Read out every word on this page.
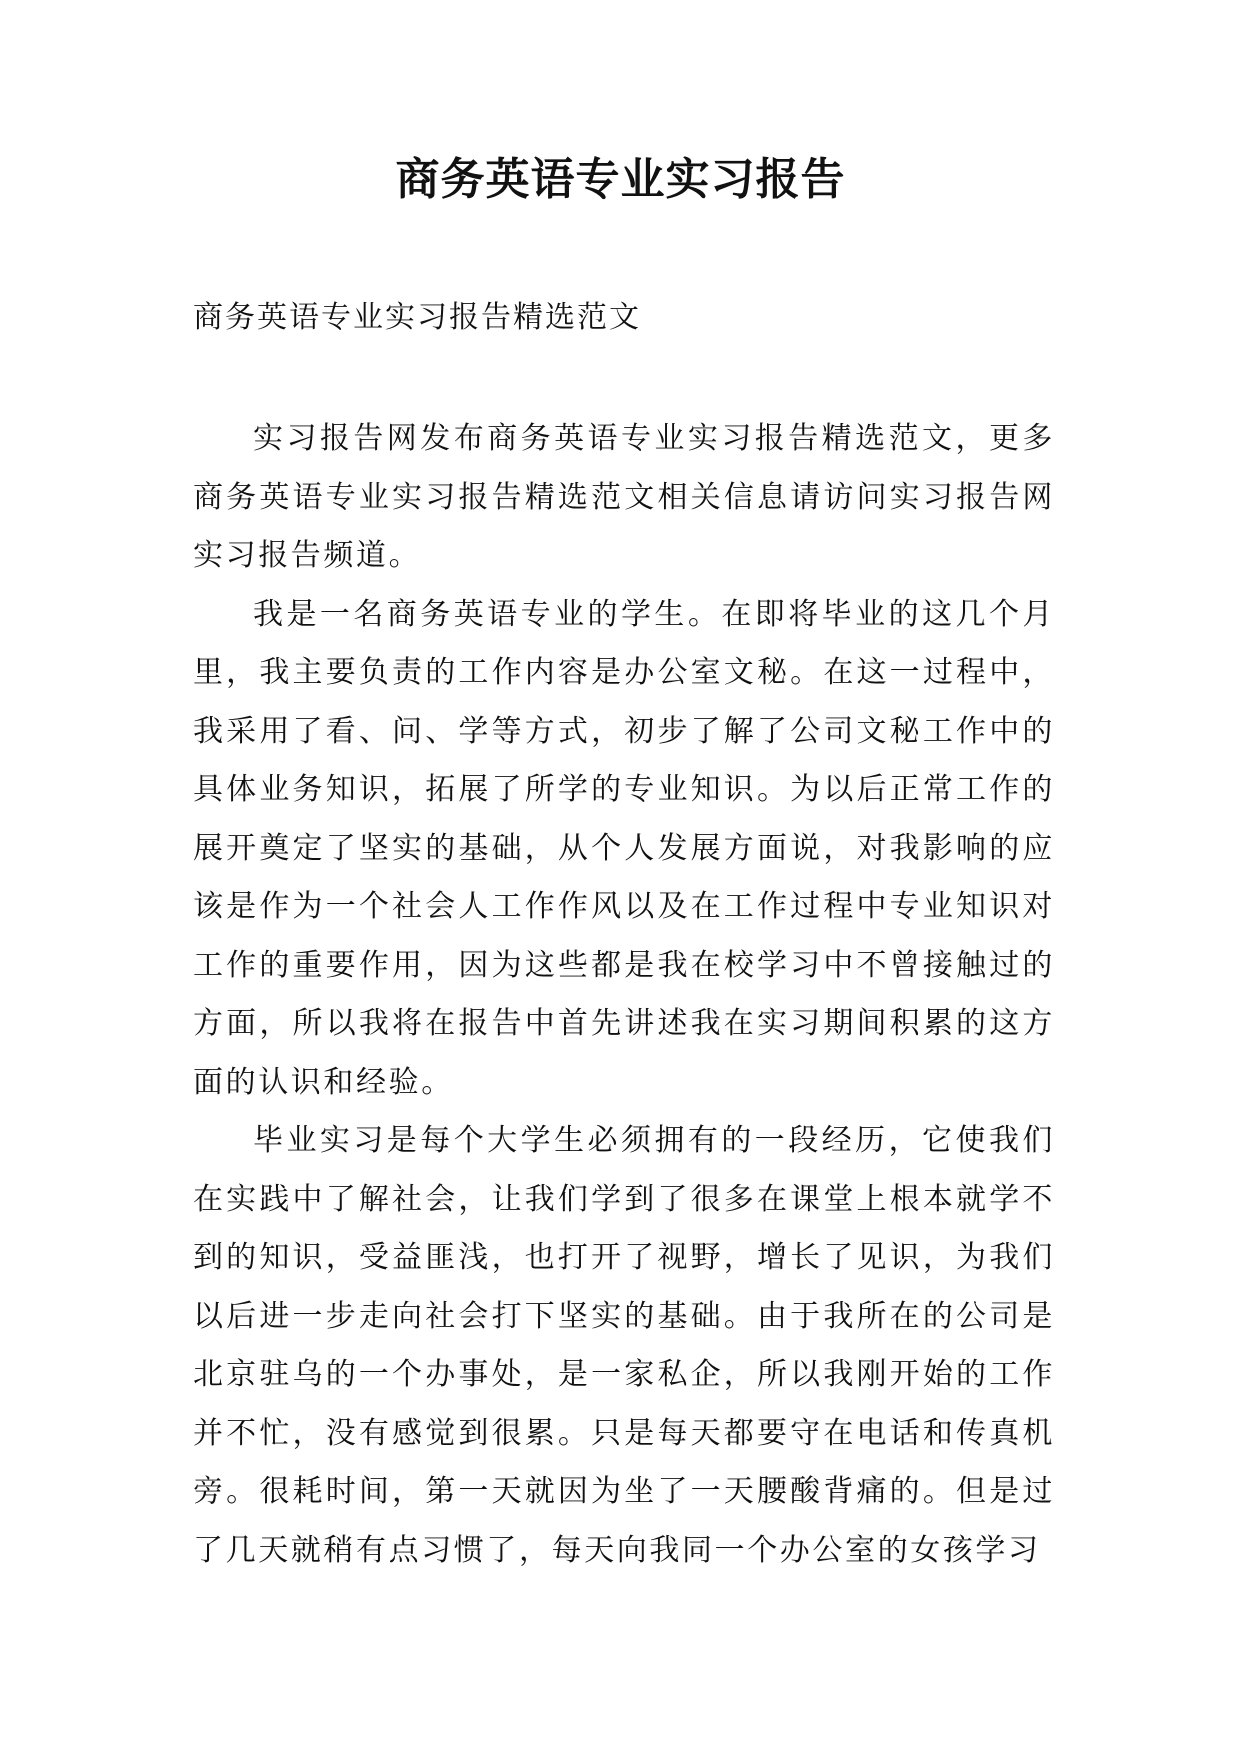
商务英语专业实习报告

商务英语专业实习报告精选范文

实习报告网发布商务英语专业实习报告精选范文，更多商务英语专业实习报告精选范文相关信息请访问实习报告网实习报告频道。

我是一名商务英语专业的学生。在即将毕业的这几个月里，我主要负责的工作内容是办公室文秘。在这一过程中，我采用了看、问、学等方式，初步了解了公司文秘工作中的具体业务知识，拓展了所学的专业知识。为以后正常工作的展开奠定了坚实的基础，从个人发展方面说，对我影响的应该是作为一个社会人工作作风以及在工作过程中专业知识对工作的重要作用，因为这些都是我在校学习中不曾接触过的方面，所以我将在报告中首先讲述我在实习期间积累的这方面的认识和经验。

毕业实习是每个大学生必须拥有的一段经历，它使我们在实践中了解社会，让我们学到了很多在课堂上根本就学不到的知识，受益匪浅，也打开了视野，增长了见识，为我们以后进一步走向社会打下坚实的基础。由于我所在的公司是北京驻乌的一个办事处，是一家私企，所以我刚开始的工作并不忙，没有感觉到很累。只是每天都要守在电话和传真机旁。很耗时间，第一天就因为坐了一天腰酸背痛的。但是过了几天就稍有点习惯了，每天向我同一个办公室的女孩学习
